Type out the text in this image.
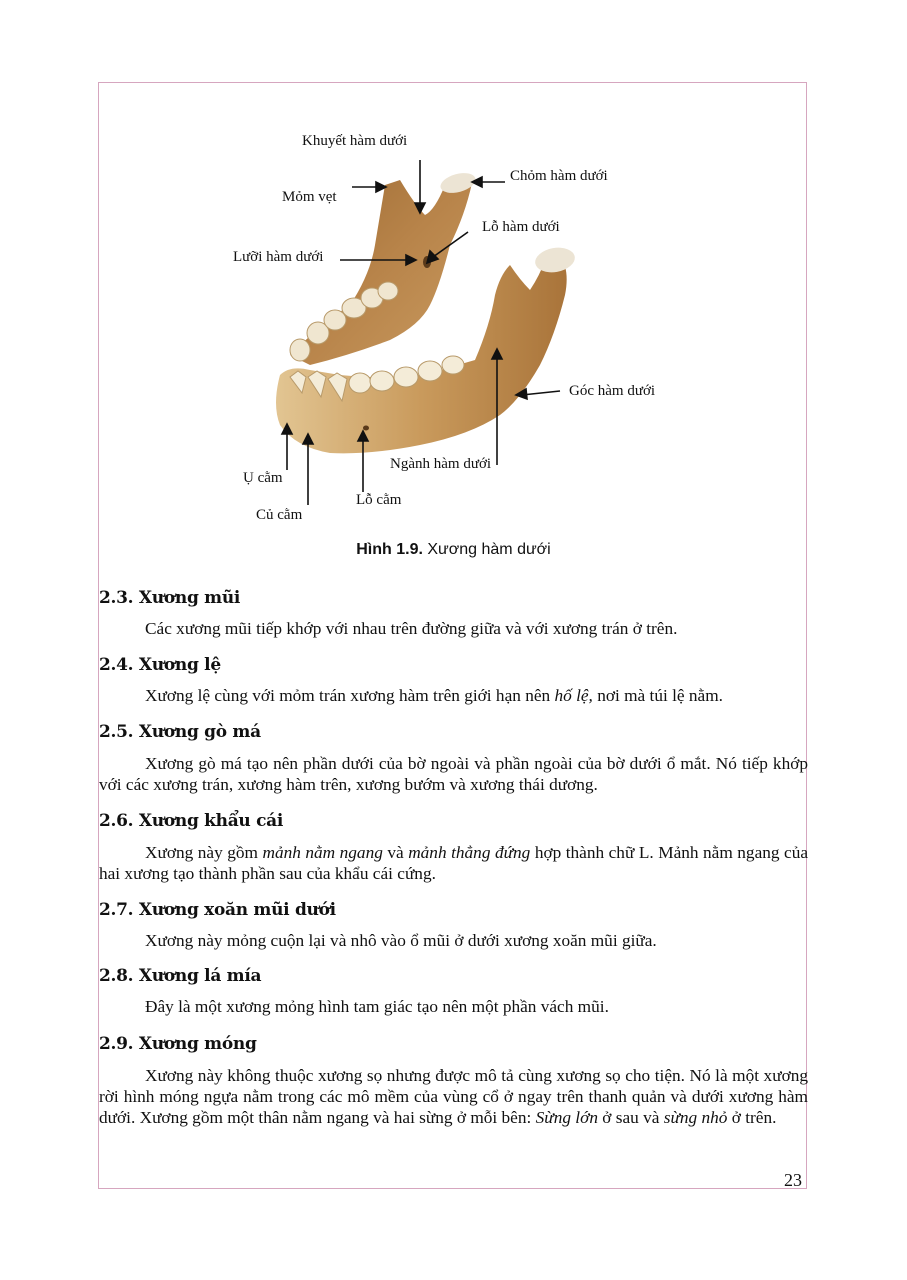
Khuyết hàm dưới
Chỏm hàm dưới
Mỏm vẹt
Lỗ hàm dưới
Lưỡi hàm dưới
Góc hàm dưới
Ngành hàm dưới
Ụ cằm
Lỗ cằm
Củ cằm
Hình 1.9. Xương hàm dưới
2.3. Xương mũi

Các xương mũi tiếp khớp với nhau trên đường giữa và với xương trán ở trên.

2.4. Xương lệ

Xương lệ cùng với mỏm trán xương hàm trên giới hạn nên hố lệ, nơi mà túi lệ nằm.

2.5. Xương gò má

Xương gò má tạo nên phần dưới của bờ ngoài và phần ngoài của bờ dưới ổ mắt. Nó tiếp khớp với các xương trán, xương hàm trên, xương bướm và xương thái dương.

2.6. Xương khẩu cái

Xương này gồm mảnh nằm ngang và mảnh thẳng đứng hợp thành chữ L. Mảnh nằm ngang của hai xương tạo thành phần sau của khẩu cái cứng.

2.7. Xương xoăn mũi dưới

Xương này mỏng cuộn lại và nhô vào ổ mũi ở dưới xương xoăn mũi giữa.

2.8. Xương lá mía

Đây là một xương mỏng hình tam giác tạo nên một phần vách mũi.

2.9. Xương móng

Xương này không thuộc xương sọ nhưng được mô tả cùng xương sọ cho tiện. Nó là một xương rời hình móng ngựa nằm trong các mô mềm của vùng cổ ở ngay trên thanh quản và dưới xương hàm dưới. Xương gồm một thân nằm ngang và hai sừng ở mỗi bên: Sừng lớn ở sau và sừng nhỏ ở trên.

23
